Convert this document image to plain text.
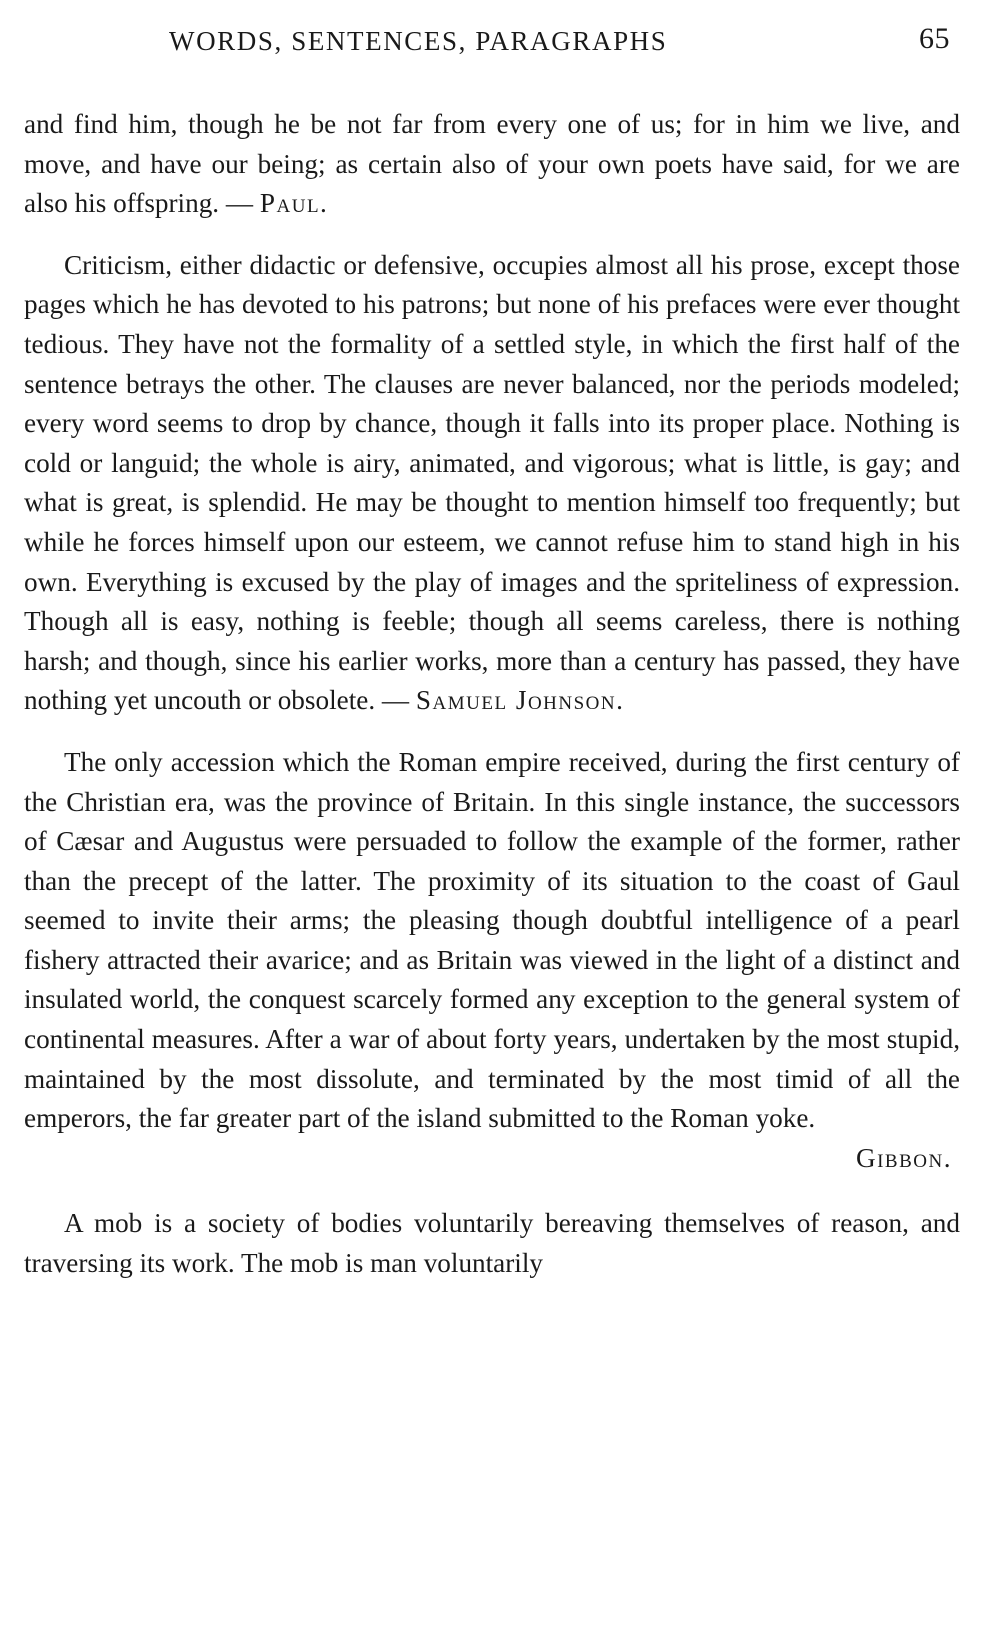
WORDS, SENTENCES, PARAGRAPHS	65

and find him, though he be not far from every one of us; for in him we live, and move, and have our being; as certain also of your own poets have said, for we are also his offspring. — Paul.

Criticism, either didactic or defensive, occupies almost all his prose, except those pages which he has devoted to his patrons; but none of his prefaces were ever thought tedious. They have not the formality of a settled style, in which the first half of the sentence betrays the other. The clauses are never balanced, nor the periods modeled; every word seems to drop by chance, though it falls into its proper place. Nothing is cold or languid; the whole is airy, animated, and vigorous; what is little, is gay; and what is great, is splendid. He may be thought to mention himself too frequently; but while he forces himself upon our esteem, we cannot refuse him to stand high in his own. Everything is excused by the play of images and the spriteliness of expression. Though all is easy, nothing is feeble; though all seems careless, there is nothing harsh; and though, since his earlier works, more than a century has passed, they have nothing yet uncouth or obsolete. — Samuel Johnson.

The only accession which the Roman empire received, during the first century of the Christian era, was the province of Britain. In this single instance, the successors of Cæsar and Augustus were persuaded to follow the example of the former, rather than the precept of the latter. The proximity of its situation to the coast of Gaul seemed to invite their arms; the pleasing though doubtful intelligence of a pearl fishery attracted their avarice; and as Britain was viewed in the light of a distinct and insulated world, the conquest scarcely formed any exception to the general system of continental measures. After a war of about forty years, undertaken by the most stupid, maintained by the most dissolute, and terminated by the most timid of all the emperors, the far greater part of the island submitted to the Roman yoke.
Gibbon.

A mob is a society of bodies voluntarily bereaving themselves of reason, and traversing its work. The mob is man voluntarily
